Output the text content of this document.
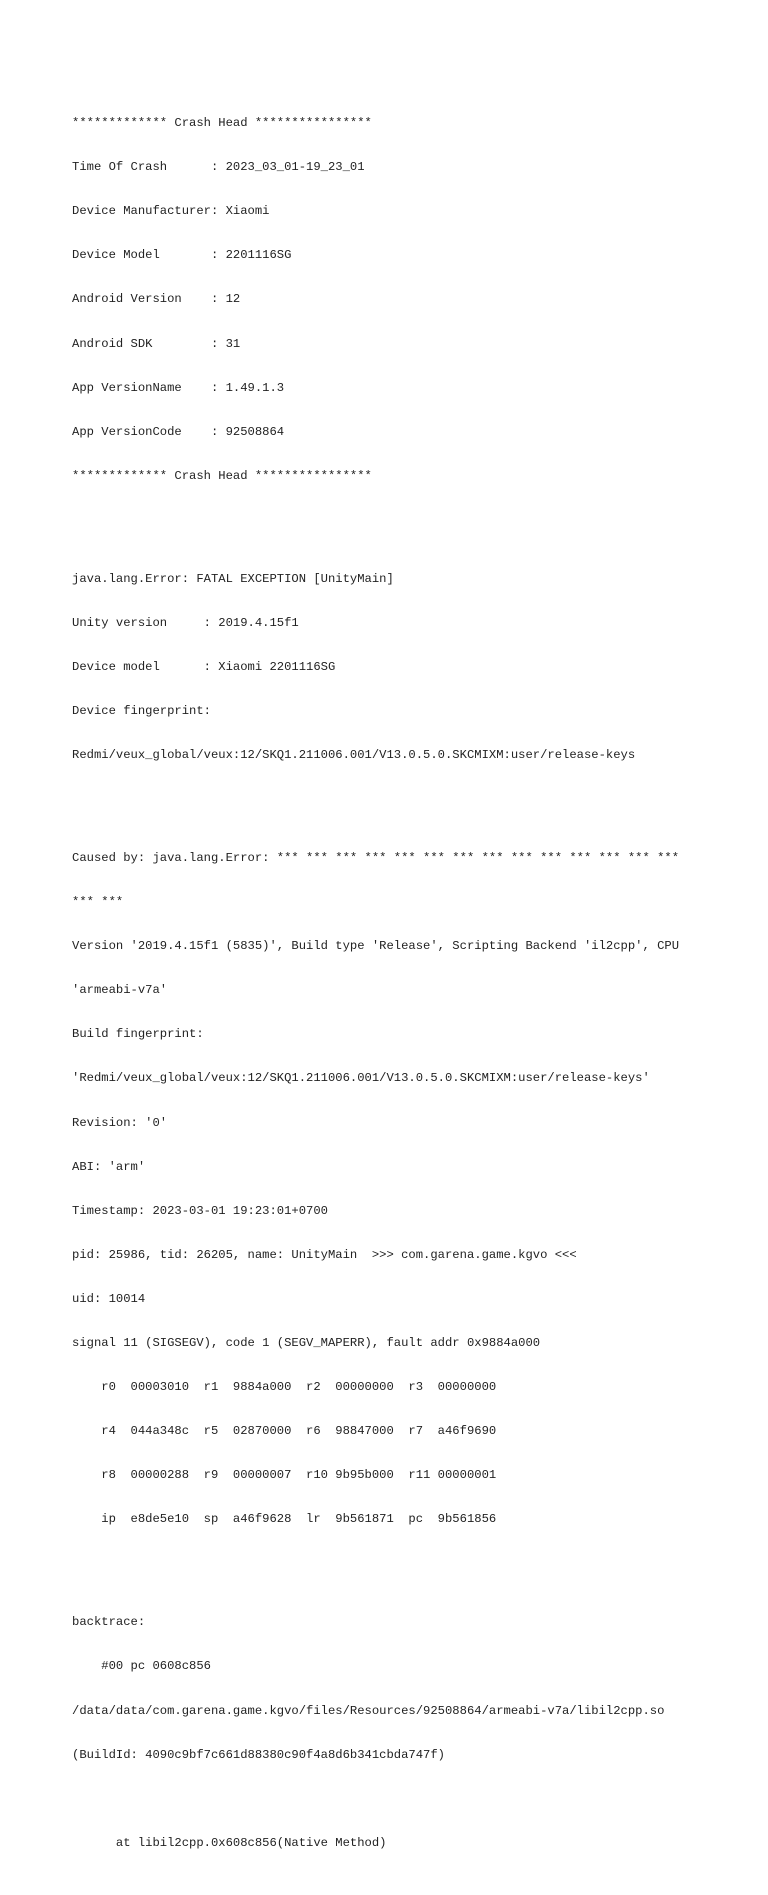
************* Crash Head ****************

Time Of Crash      : 2023_03_01-19_23_01

Device Manufacturer: Xiaomi

Device Model       : 2201116SG

Android Version    : 12

Android SDK        : 31

App VersionName    : 1.49.1.3

App VersionCode    : 92508864

************* Crash Head ****************

java.lang.Error: FATAL EXCEPTION [UnityMain]

Unity version     : 2019.4.15f1

Device model      : Xiaomi 2201116SG

Device fingerprint:

Redmi/veux_global/veux:12/SKQ1.211006.001/V13.0.5.0.SKCMIXM:user/release-keys

Caused by: java.lang.Error: *** *** *** *** *** *** *** *** *** *** *** *** *** ***

*** ***

Version '2019.4.15f1 (5835)', Build type 'Release', Scripting Backend 'il2cpp', CPU

'armeabi-v7a'

Build fingerprint:

'Redmi/veux_global/veux:12/SKQ1.211006.001/V13.0.5.0.SKCMIXM:user/release-keys'

Revision: '0'

ABI: 'arm'

Timestamp: 2023-03-01 19:23:01+0700

pid: 25986, tid: 26205, name: UnityMain  >>> com.garena.game.kgvo <<<

uid: 10014

signal 11 (SIGSEGV), code 1 (SEGV_MAPERR), fault addr 0x9884a000

r0  00003010  r1  9884a000  r2  00000000  r3  00000000

r4  044a348c  r5  02870000  r6  98847000  r7  a46f9690

r8  00000288  r9  00000007  r10 9b95b000  r11 00000001

ip  e8de5e10  sp  a46f9628  lr  9b561871  pc  9b561856

backtrace:

#00 pc 0608c856

/data/data/com.garena.game.kgvo/files/Resources/92508864/armeabi-v7a/libil2cpp.so

(BuildId: 4090c9bf7c661d88380c90f4a8d6b341cbda747f)

at libil2cpp.0x608c856(Native Method)
